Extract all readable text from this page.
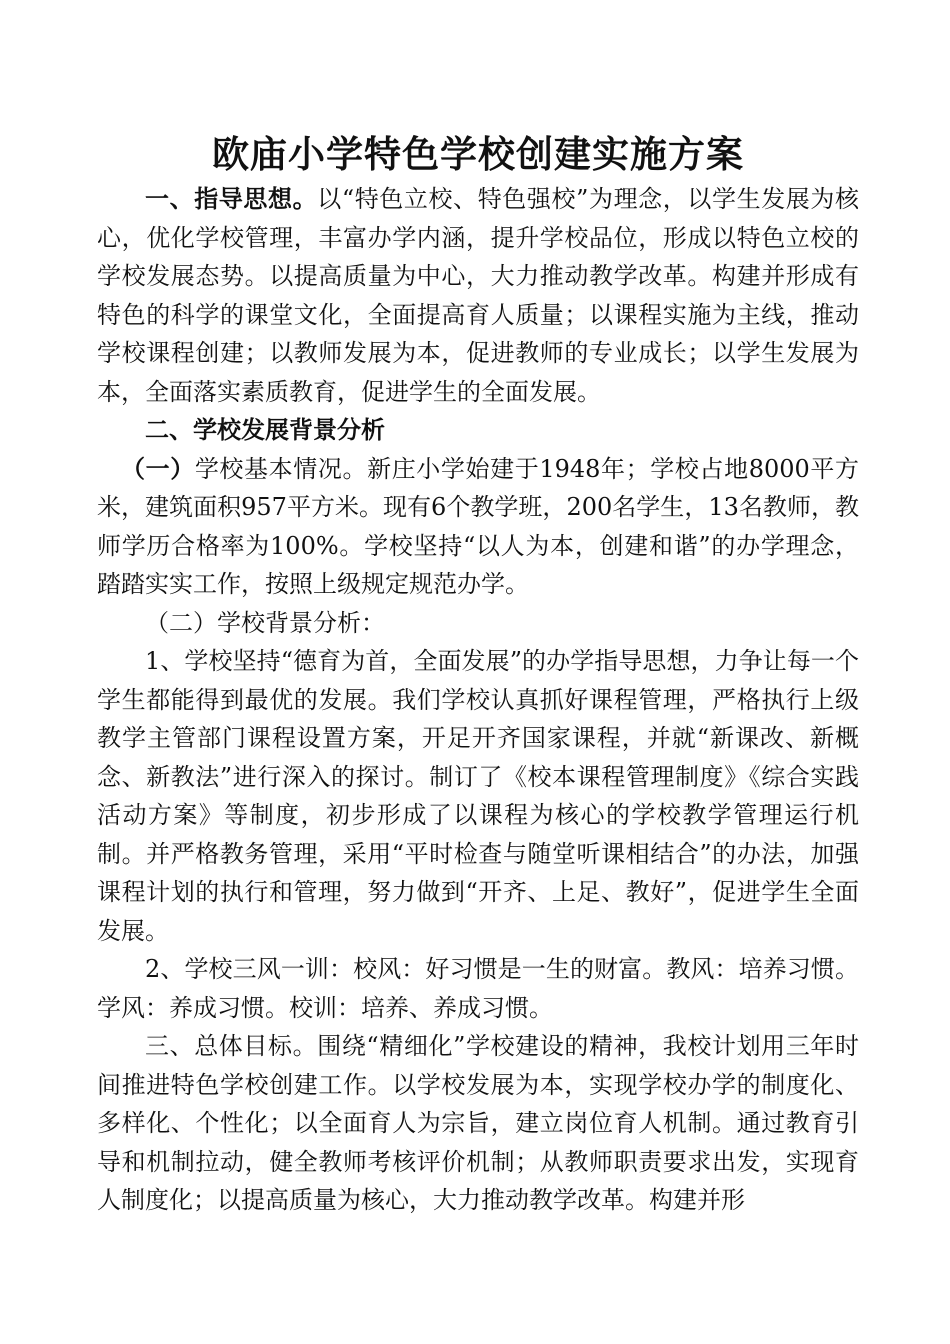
欧庙小学特色学校创建实施方案

一、指导思想。以“特色立校、特色强校”为理念，以学生发展为核心，优化学校管理，丰富办学内涵，提升学校品位，形成以特色立校的学校发展态势。以提高质量为中心，大力推动教学改革。构建并形成有特色的科学的课堂文化，全面提高育人质量；以课程实施为主线，推动学校课程创建；以教师发展为本，促进教师的专业成长；以学生发展为本，全面落实素质教育，促进学生的全面发展。

二、学校发展背景分析

（一）学校基本情况。新庄小学始建于1948年；学校占地8000平方米，建筑面积957平方米。现有6个教学班，200名学生，13名教师，教师学历合格率为100%。学校坚持“以人为本，创建和谐”的办学理念，踏踏实实工作，按照上级规定规范办学。

（二）学校背景分析：

1、学校坚持“德育为首，全面发展”的办学指导思想，力争让每一个学生都能得到最优的发展。我们学校认真抓好课程管理，严格执行上级教学主管部门课程设置方案，开足开齐国家课程，并就“新课改、新概念、新教法”进行深入的探讨。制订了《校本课程管理制度》《综合实践活动方案》等制度，初步形成了以课程为核心的学校教学管理运行机制。并严格教务管理，采用“平时检查与随堂听课相结合”的办法，加强课程计划的执行和管理，努力做到“开齐、上足、教好”，促进学生全面发展。

2、学校三风一训：校风：好习惯是一生的财富。教风：培养习惯。学风：养成习惯。校训：培养、养成习惯。

三、总体目标。围绕“精细化”学校建设的精神，我校计划用三年时间推进特色学校创建工作。以学校发展为本，实现学校办学的制度化、多样化、个性化；以全面育人为宗旨，建立岗位育人机制。通过教育引导和机制拉动，健全教师考核评价机制；从教师职责要求出发，实现育人制度化；以提高质量为核心，大力推动教学改革。构建并形
